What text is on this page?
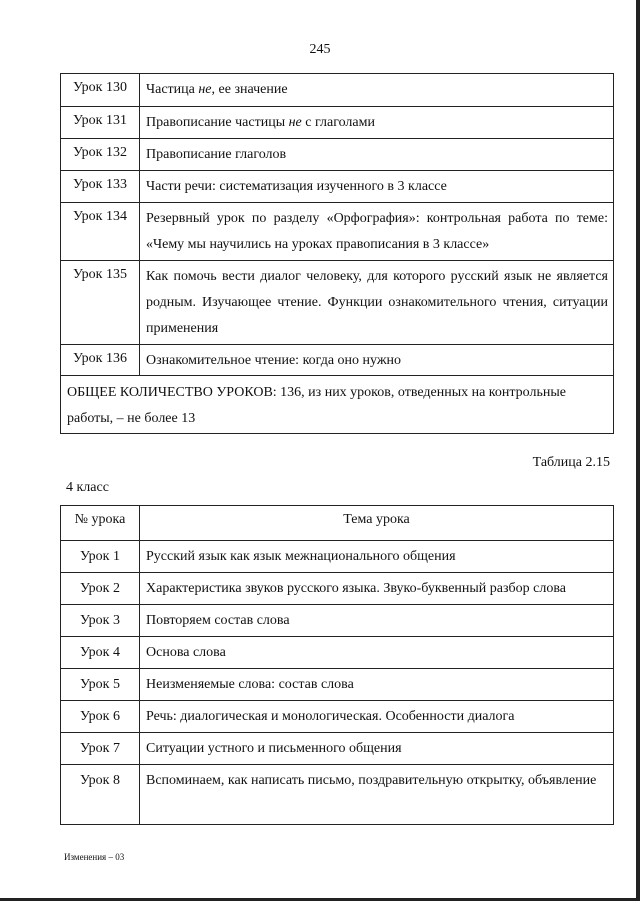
245
Урок 130	Частица не, ее значение
Урок 131	Правописание частицы не с глаголами
Урок 132	Правописание глаголов
Урок 133	Части речи: систематизация изученного в 3 классе
Урок 134	Резервный урок по разделу «Орфография»: контрольная работа по теме: «Чему мы научились на уроках правописания в 3 классе»
Урок 135	Как помочь вести диалог человеку, для которого русский язык не является родным. Изучающее чтение. Функции ознакомительного чтения, ситуации применения
Урок 136	Ознакомительное чтение: когда оно нужно
ОБЩЕЕ КОЛИЧЕСТВО УРОКОВ: 136, из них уроков, отведенных на контрольные работы, – не более 13	
Таблица 2.15
4 класс
№ урока	Тема урока
Урок 1	Русский язык как язык межнационального общения
Урок 2	Характеристика звуков русского языка. Звуко-буквенный разбор слова
Урок 3	Повторяем состав слова
Урок 4	Основа слова
Урок 5	Неизменяемые слова: состав слова
Урок 6	Речь: диалогическая и монологическая. Особенности диалога
Урок 7	Ситуации устного и письменного общения
Урок 8	Вспоминаем, как написать письмо, поздравительную открытку, объявление
Изменения – 03
